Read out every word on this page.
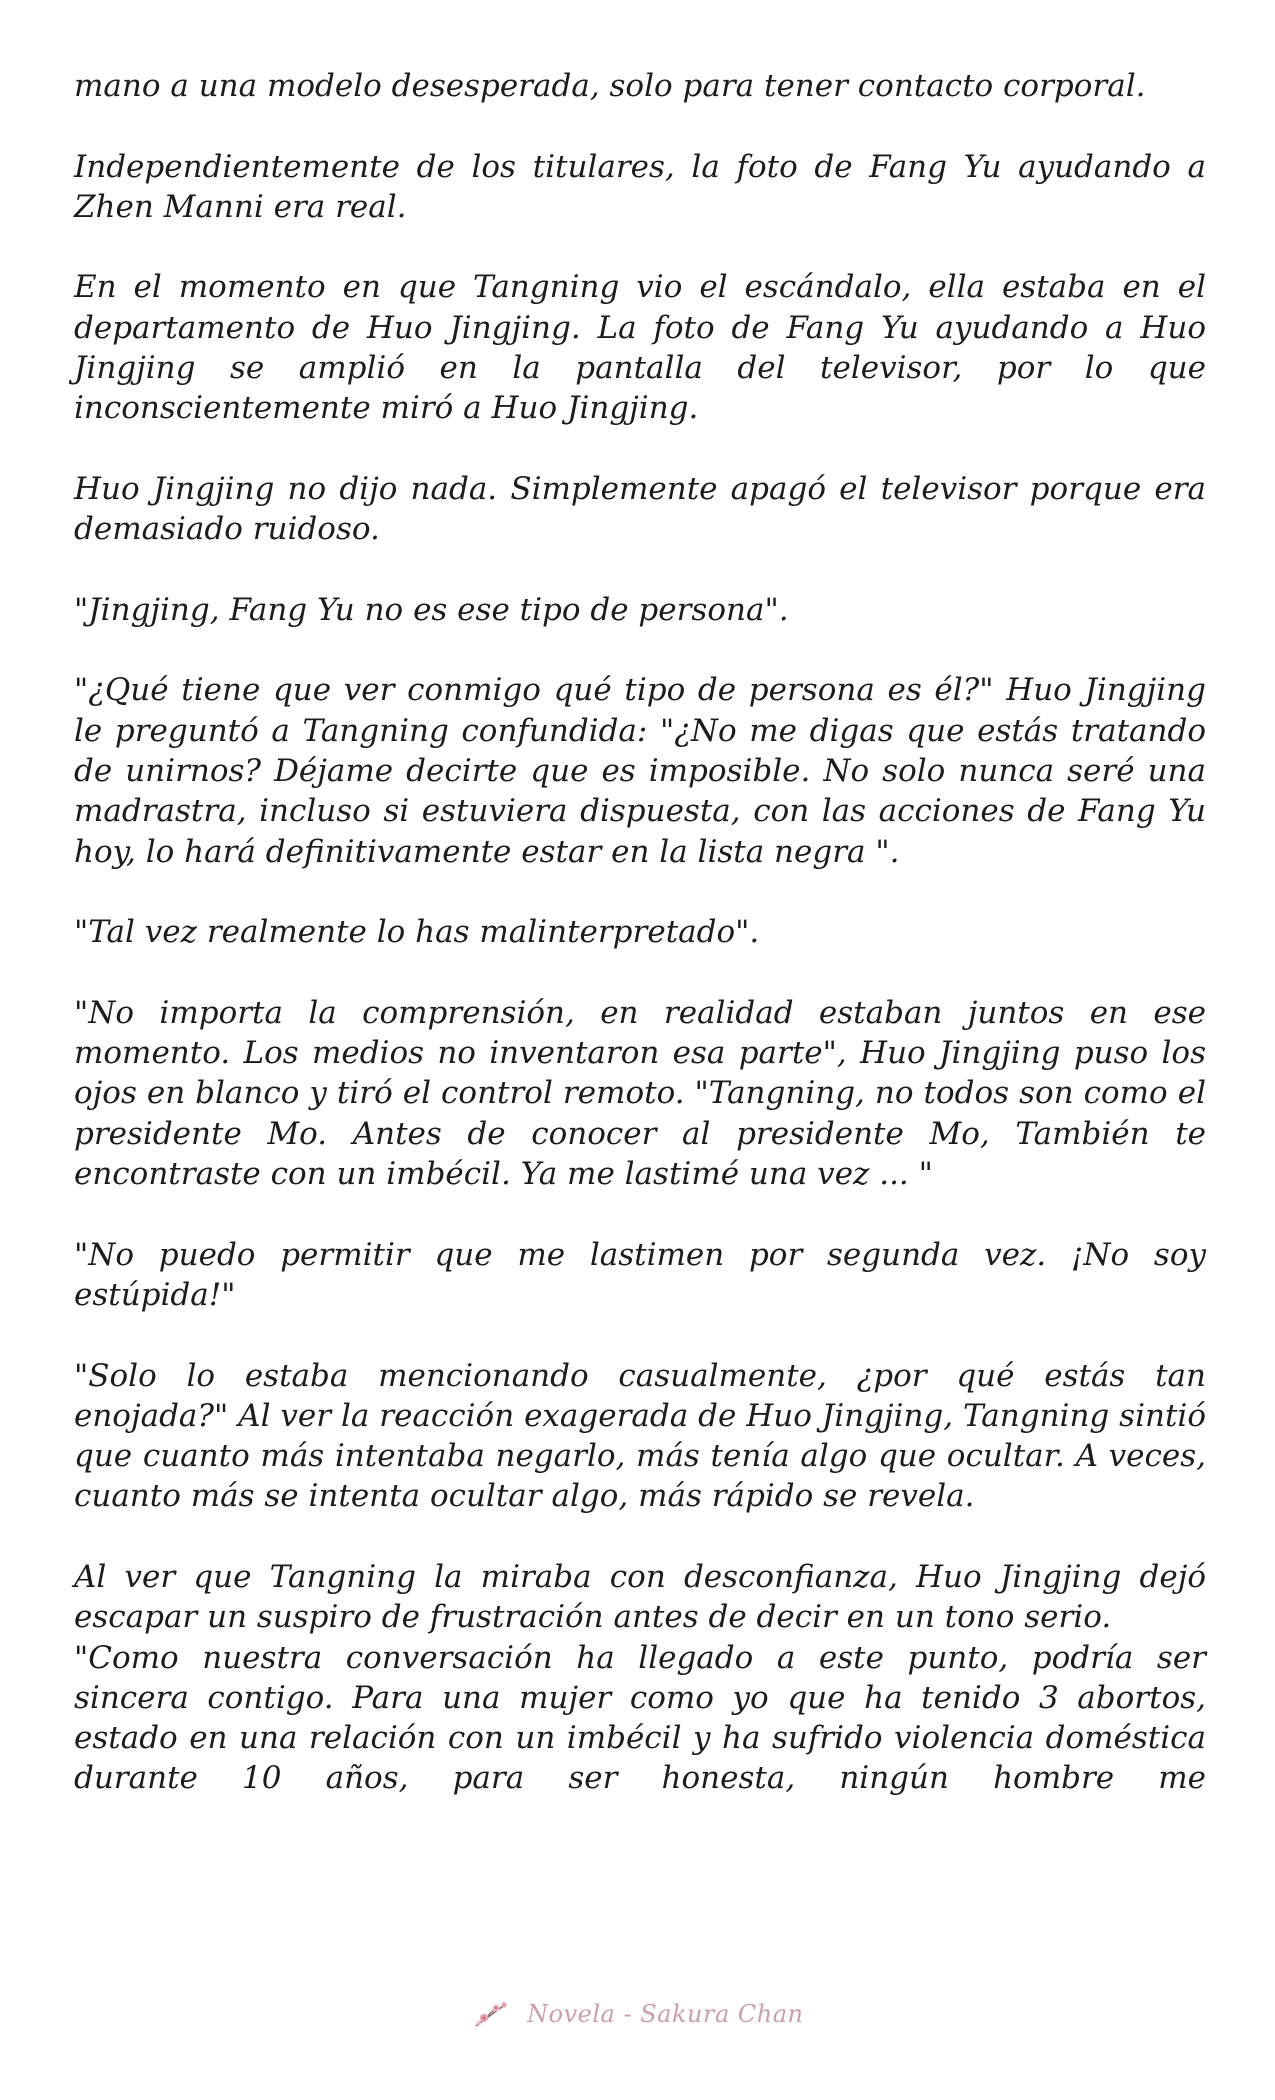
mano a una modelo desesperada, solo para tener contacto corporal.

Independientemente de los titulares, la foto de Fang Yu ayudando a Zhen Manni era real.

En el momento en que Tangning vio el escándalo, ella estaba en el departamento de Huo Jingjing. La foto de Fang Yu ayudando a Huo Jingjing se amplió en la pantalla del televisor, por lo que inconscientemente miró a Huo Jingjing.

Huo Jingjing no dijo nada. Simplemente apagó el televisor porque era demasiado ruidoso.

"Jingjing, Fang Yu no es ese tipo de persona".

"¿Qué tiene que ver conmigo qué tipo de persona es él?" Huo Jingjing le preguntó a Tangning confundida: "¿No me digas que estás tratando de unirnos? Déjame decirte que es imposible. No solo nunca seré una madrastra, incluso si estuviera dispuesta, con las acciones de Fang Yu hoy, lo hará definitivamente estar en la lista negra ".

"Tal vez realmente lo has malinterpretado".

"No importa la comprensión, en realidad estaban juntos en ese momento. Los medios no inventaron esa parte", Huo Jingjing puso los ojos en blanco y tiró el control remoto. "Tangning, no todos son como el presidente Mo. Antes de conocer al presidente Mo, También te encontraste con un imbécil. Ya me lastimé una vez ... "

"No puedo permitir que me lastimen por segunda vez. ¡No soy estúpida!"

"Solo lo estaba mencionando casualmente, ¿por qué estás tan enojada?" Al ver la reacción exagerada de Huo Jingjing, Tangning sintió que cuanto más intentaba negarlo, más tenía algo que ocultar. A veces, cuanto más se intenta ocultar algo, más rápido se revela.

Al ver que Tangning la miraba con desconfianza, Huo Jingjing dejó escapar un suspiro de frustración antes de decir en un tono serio.

"Como nuestra conversación ha llegado a este punto, podría ser sincera contigo. Para una mujer como yo que ha tenido 3 abortos, estado en una relación con un imbécil y ha sufrido violencia doméstica durante 10 años, para ser honesta, ningún hombre me

Novela - Sakura Chan
